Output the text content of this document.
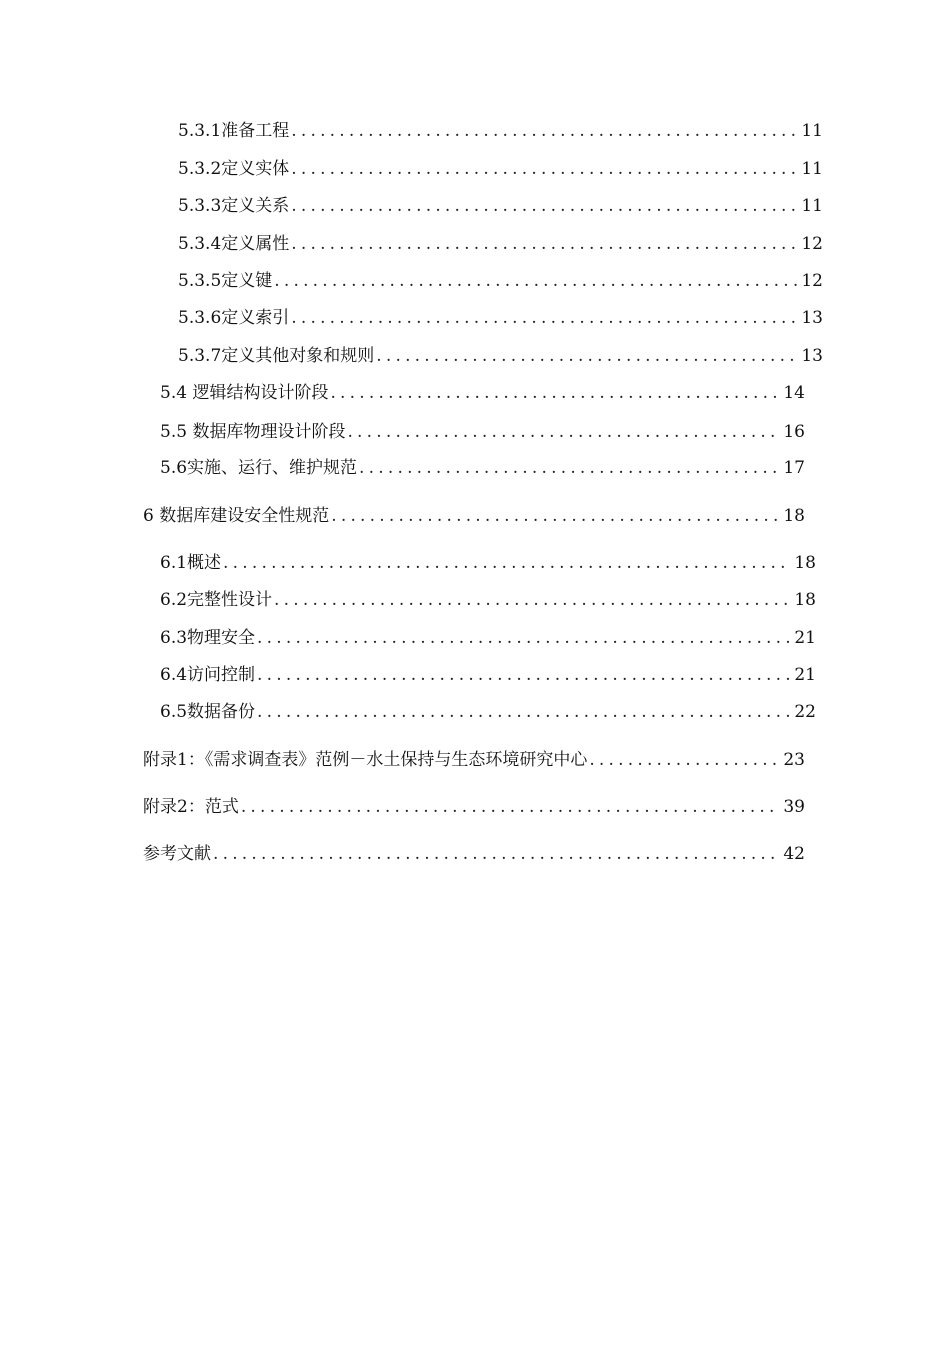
5.3.1准备工程 .....	11
5.3.2定义实体 .....	11
5.3.3定义关系 .....	11
5.3.4定义属性 .....	12
5.3.5定义键 .....	12
5.3.6定义索引 .....	13
5.3.7定义其他对象和规则 .....	13
5.4 逻辑结构设计阶段 .....	14
5.5 数据库物理设计阶段 .....	16
5.6实施、运行、维护规范 .....	17
6 数据库建设安全性规范 .....	18
6.1概述 .....	18
6.2完整性设计 .....	18
6.3物理安全 .....	21
6.4访问控制 .....	21
6.5数据备份 .....	22
附录1：《需求调查表》范例－水土保持与生态环境研究中心 .....	23
附录2：范式 .....	39
参考文献 .....	42
